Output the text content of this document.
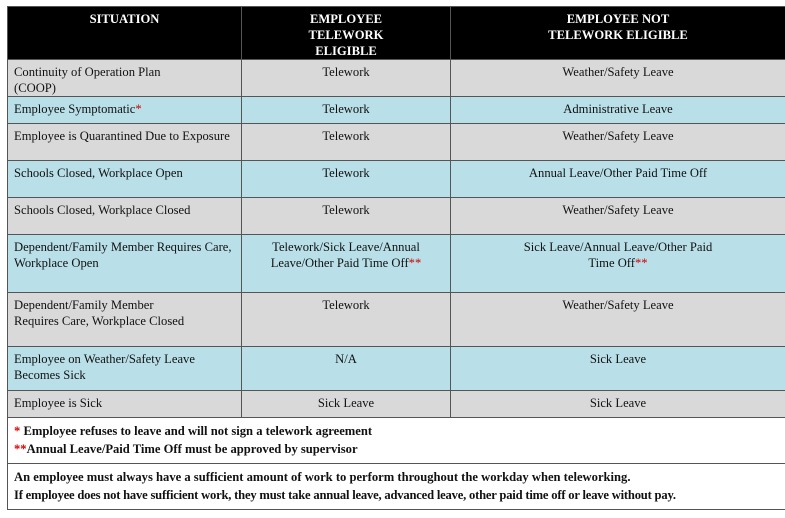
SITUATION	EMPLOYEE TELEWORK ELIGIBLE	EMPLOYEE NOT TELEWORK ELIGIBLE
Continuity of Operation Plan (COOP)	Telework	Weather/Safety Leave
Employee Symptomatic*	Telework	Administrative Leave
Employee is Quarantined Due to Exposure	Telework	Weather/Safety Leave
Schools Closed, Workplace Open	Telework	Annual Leave/Other Paid Time Off
Schools Closed, Workplace Closed	Telework	Weather/Safety Leave
Dependent/Family Member Requires Care, Workplace Open	Telework/Sick Leave/Annual Leave/Other Paid Time Off**	Sick Leave/Annual Leave/Other Paid Time Off**
Dependent/Family Member Requires Care, Workplace Closed	Telework	Weather/Safety Leave
Employee on Weather/Safety Leave Becomes Sick	N/A	Sick Leave
Employee is Sick	Sick Leave	Sick Leave

* Employee refuses to leave and will not sign a telework agreement
**Annual Leave/Paid Time Off must be approved by supervisor		

An employee must always have a sufficient amount of work to perform throughout the workday when teleworking.
If employee does not have sufficient work, they must take annual leave, advanced leave, other paid time off or leave without pay.		
